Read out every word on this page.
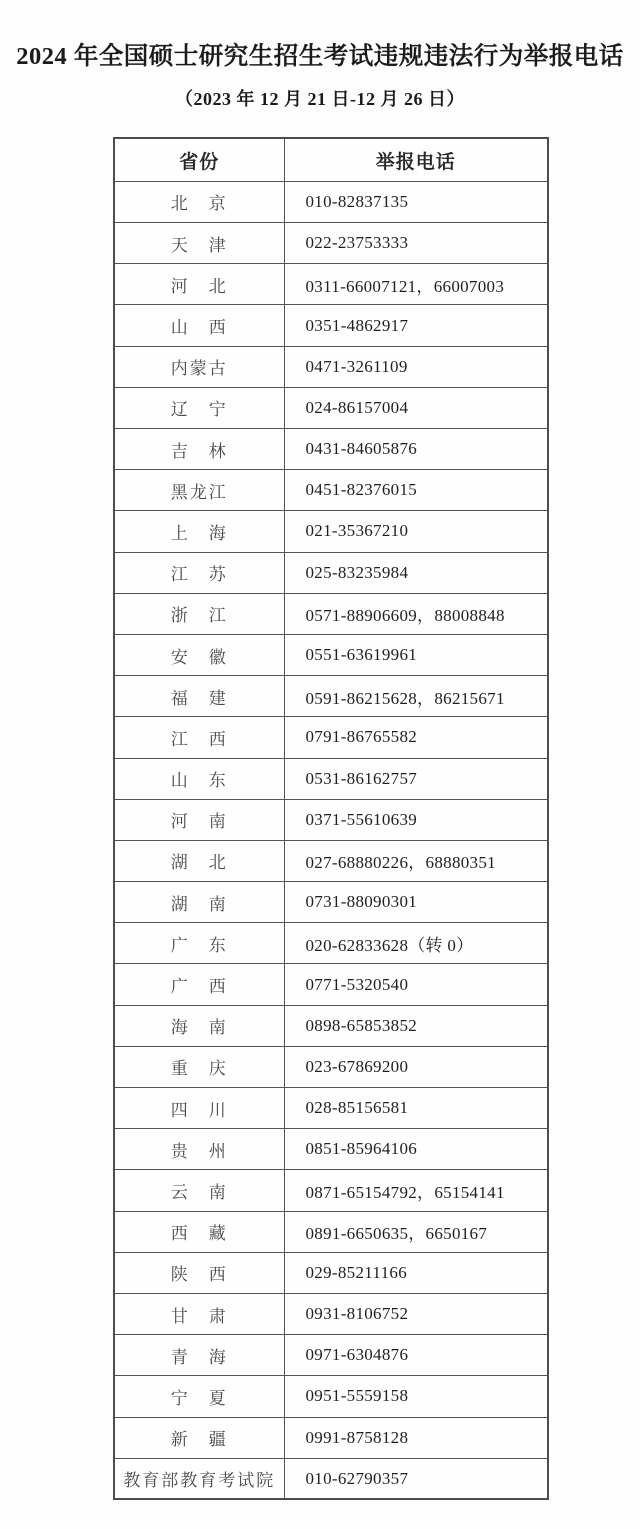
2024 年全国硕士研究生招生考试违规违法行为举报电话
（2023 年 12 月 21 日-12 月 26 日）
省份	举报电话
北　京	010-82837135
天　津	022-23753333
河　北	0311-66007121，66007003
山　西	0351-4862917
内蒙古	0471-3261109
辽　宁	024-86157004
吉　林	0431-84605876
黑龙江	0451-82376015
上　海	021-35367210
江　苏	025-83235984
浙　江	0571-88906609，88008848
安　徽	0551-63619961
福　建	0591-86215628，86215671
江　西	0791-86765582
山　东	0531-86162757
河　南	0371-55610639
湖　北	027-68880226，68880351
湖　南	0731-88090301
广　东	020-62833628（转 0）
广　西	0771-5320540
海　南	0898-65853852
重　庆	023-67869200
四　川	028-85156581
贵　州	0851-85964106
云　南	0871-65154792，65154141
西　藏	0891-6650635，6650167
陕　西	029-85211166
甘　肃	0931-8106752
青　海	0971-6304876
宁　夏	0951-5559158
新　疆	0991-8758128
教育部教育考试院	010-62790357
